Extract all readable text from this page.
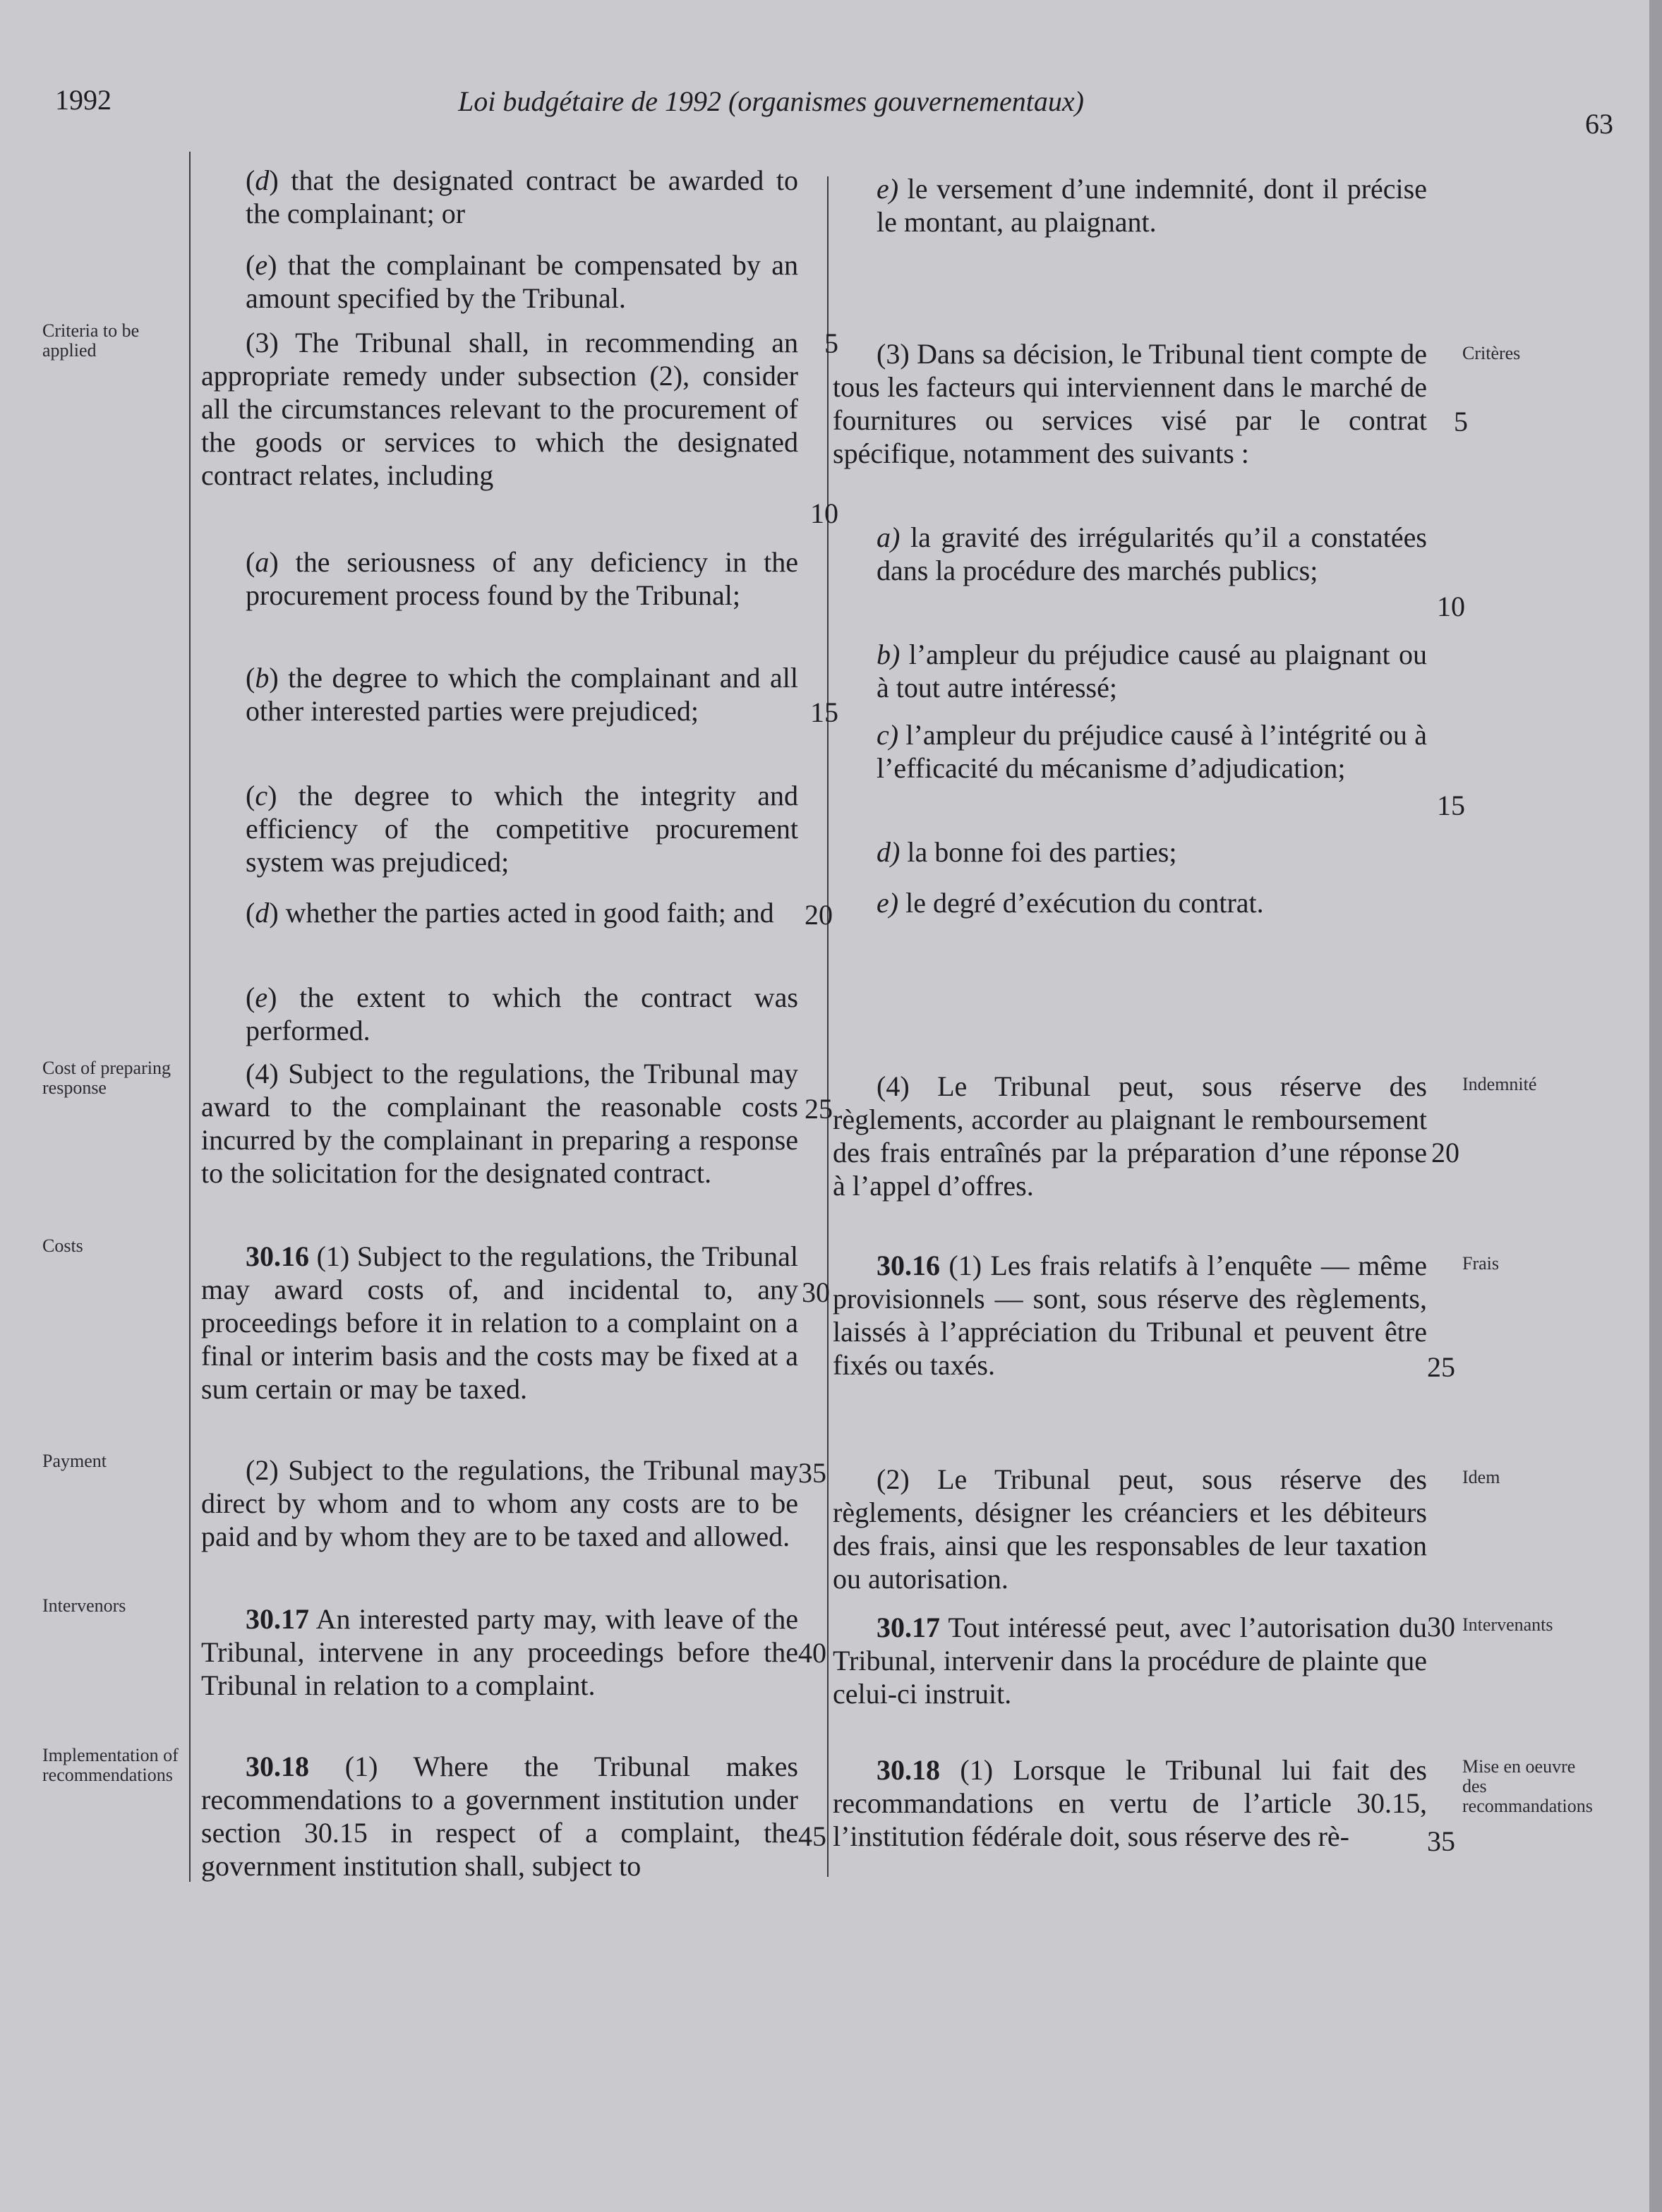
1992	Loi budgétaire de 1992 (organismes gouvernementaux)
63
Criteria to be applied
Cost of preparing response
Costs
Payment
Intervenors
Implementation of recommendations
Critères
Indemnité
Frais
Idem
Intervenants
Mise en oeuvre des recommandations
(d) that the designated contract be awarded to the complainant; or
(e) that the complainant be compensated by an amount specified by the Tribunal.
(3) The Tribunal shall, in recommending an appropriate remedy under subsection (2), consider all the circumstances relevant to the procurement of the goods or services to which the designated contract relates, including
(a) the seriousness of any deficiency in the procurement process found by the Tribunal;
(b) the degree to which the complainant and all other interested parties were prejudiced;
(c) the degree to which the integrity and efficiency of the competitive procurement system was prejudiced;
(d) whether the parties acted in good faith; and
(e) the extent to which the contract was performed.
(4) Subject to the regulations, the Tribunal may award to the complainant the reasonable costs incurred by the complainant in preparing a response to the solicitation for the designated contract.
30.16 (1) Subject to the regulations, the Tribunal may award costs of, and incidental to, any proceedings before it in relation to a complaint on a final or interim basis and the costs may be fixed at a sum certain or may be taxed.
(2) Subject to the regulations, the Tribunal may direct by whom and to whom any costs are to be paid and by whom they are to be taxed and allowed.
30.17 An interested party may, with leave of the Tribunal, intervene in any proceedings before the Tribunal in relation to a complaint.
30.18 (1) Where the Tribunal makes recommendations to a government institution under section 30.15 in respect of a complaint, the government institution shall, subject to
5
10
15
20
25
30
35
40
45
e) le versement d’une indemnité, dont il précise le montant, au plaignant.
(3) Dans sa décision, le Tribunal tient compte de tous les facteurs qui interviennent dans le marché de fournitures ou services visé par le contrat spécifique, notamment des suivants :
a) la gravité des irrégularités qu’il a constatées dans la procédure des marchés publics;
b) l’ampleur du préjudice causé au plaignant ou à tout autre intéressé;
c) l’ampleur du préjudice causé à l’intégrité ou à l’efficacité du mécanisme d’adjudication;
d) la bonne foi des parties;
e) le degré d’exécution du contrat.
(4) Le Tribunal peut, sous réserve des règlements, accorder au plaignant le remboursement des frais entraînés par la préparation d’une réponse à l’appel d’offres.
30.16 (1) Les frais relatifs à l’enquête — même provisionnels — sont, sous réserve des règlements, laissés à l’appréciation du Tribunal et peuvent être fixés ou taxés.
(2) Le Tribunal peut, sous réserve des règlements, désigner les créanciers et les débiteurs des frais, ainsi que les responsables de leur taxation ou autorisation.
30.17 Tout intéressé peut, avec l’autorisation du Tribunal, intervenir dans la procédure de plainte que celui-ci instruit.
30.18 (1) Lorsque le Tribunal lui fait des recommandations en vertu de l’article 30.15, l’institution fédérale doit, sous réserve des rè-
5
10
15
20
25
30
35
